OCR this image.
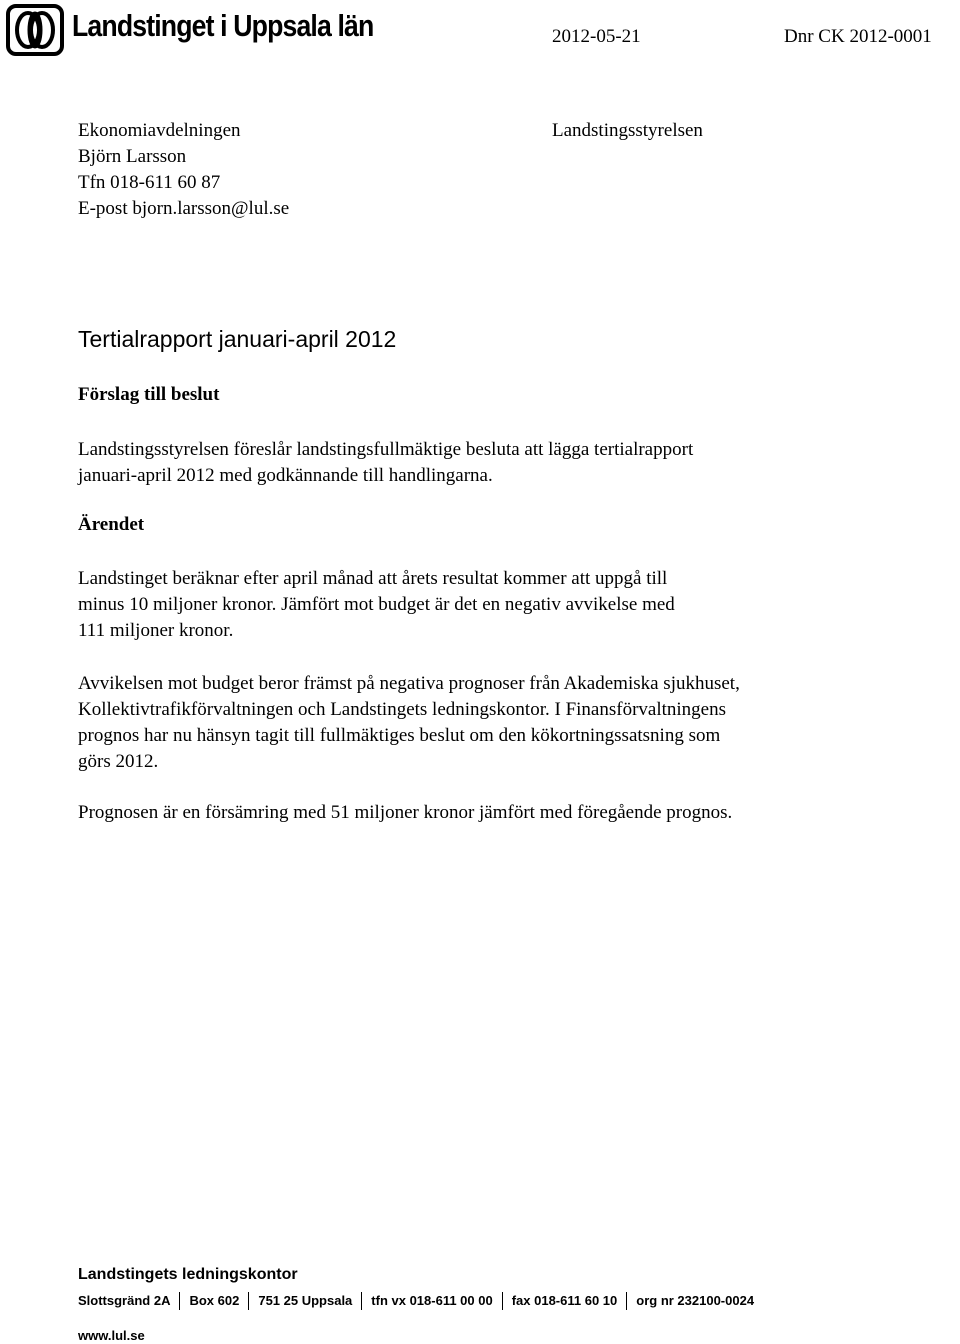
Landstinget i Uppsala län	2012-05-21	Dnr CK 2012-0001
Ekonomiavdelningen
Björn Larsson
Tfn 018-611 60 87
E-post bjorn.larsson@lul.se
Landstingsstyrelsen
Tertialrapport januari-april 2012
Förslag till beslut
Landstingsstyrelsen föreslår landstingsfullmäktige besluta att lägga tertialrapport
januari-april 2012 med godkännande till handlingarna.
Ärendet
Landstinget beräknar efter april månad att årets resultat kommer att uppgå till
minus 10 miljoner kronor. Jämfört mot budget är det en negativ avvikelse med
111 miljoner kronor.
Avvikelsen mot budget beror främst på negativa prognoser från Akademiska sjukhuset,
Kollektivtrafikförvaltningen och Landstingets ledningskontor. I Finansförvaltningens
prognos har nu hänsyn tagit till fullmäktiges beslut om den kökortningssatsning som
görs 2012.
Prognosen är en försämring med 51 miljoner kronor jämfört med föregående prognos.
Landstingets ledningskontor
Slottsgränd 2A	Box 602	751 25 Uppsala	tfn vx 018-611 00 00	fax 018-611 60 10	org nr 232100-0024
www.lul.se
